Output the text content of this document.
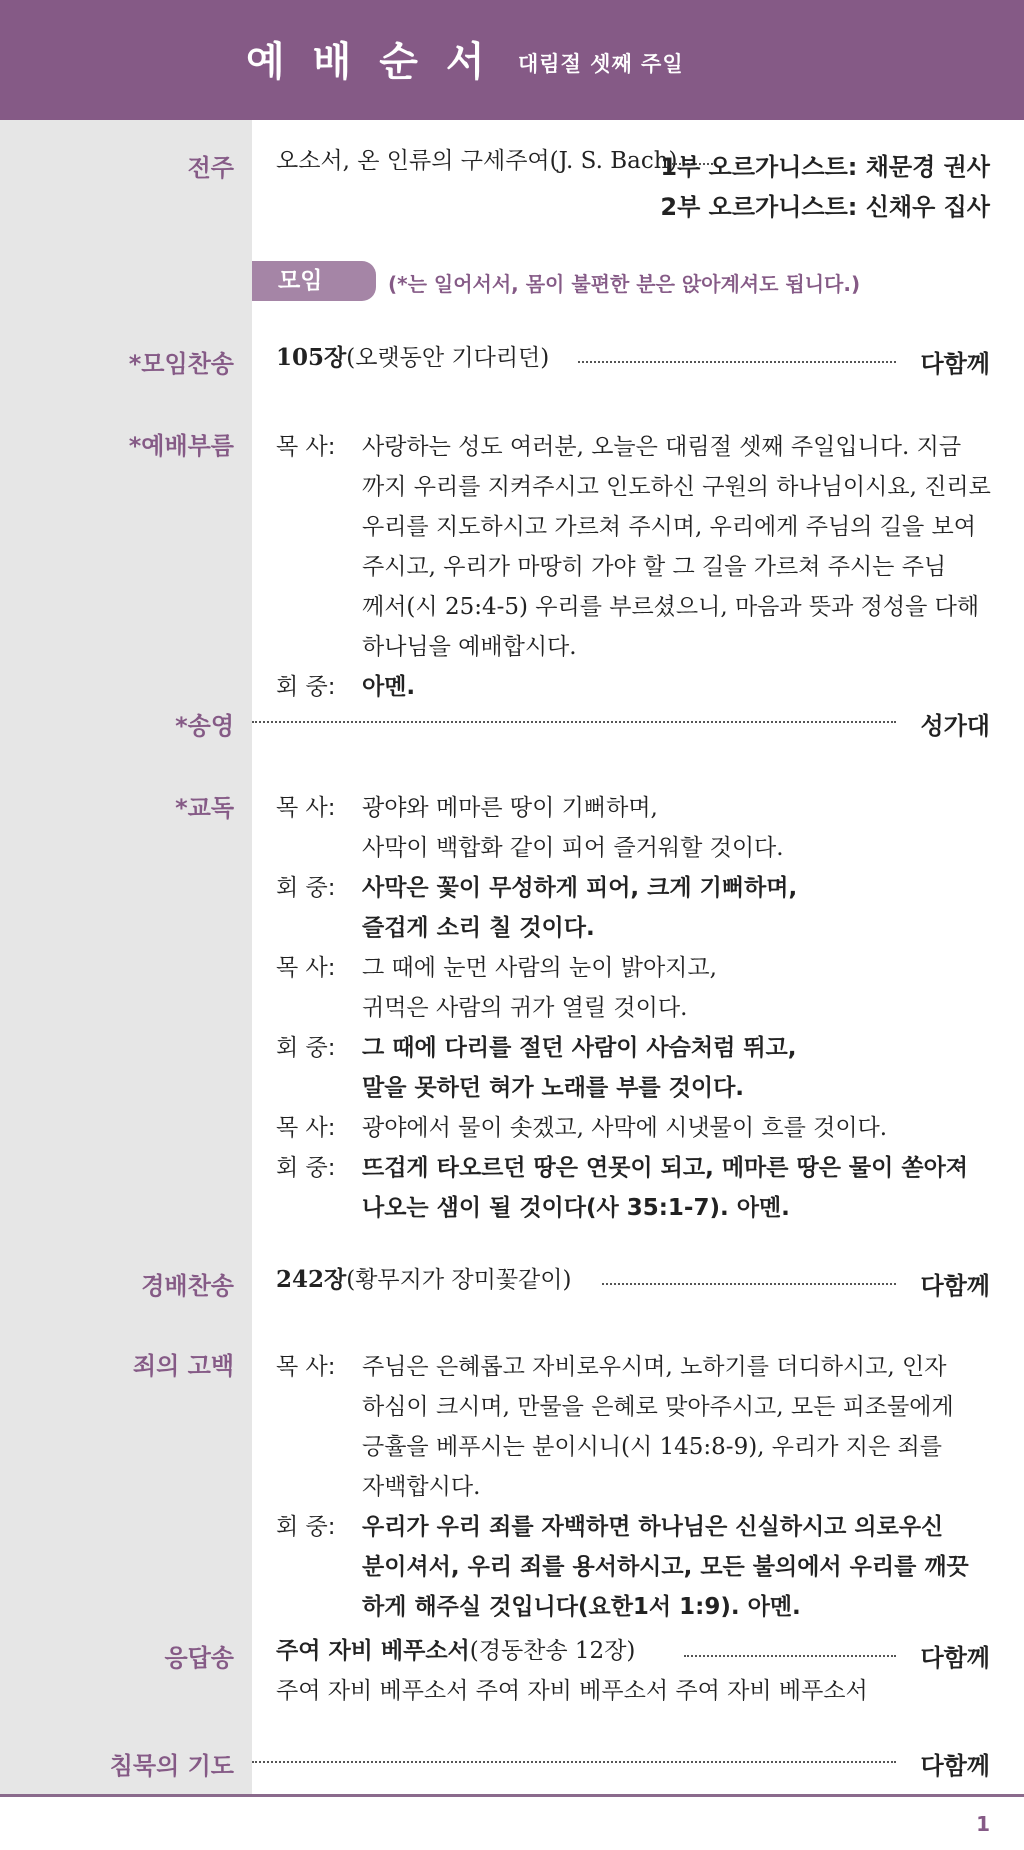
예배순서 대림절 셋째 주일
전주 오소서, 온 인류의 구세주여(J. S. Bach)
1부 오르가니스트: 채문경 권사
2부 오르가니스트: 신채우 집사
모임	(*는 일어서서, 몸이 불편한 분은 앉아계셔도 됩니다.)
*모임찬송 105장(오랫동안 기다리던)	다함께
*예배부름 목 사: 사랑하는 성도 여러분, 오늘은 대림절 셋째 주일입니다. 지금
까지 우리를 지켜주시고 인도하신 구원의 하나님이시요, 진리로
우리를 지도하시고 가르쳐 주시며, 우리에게 주님의 길을 보여
주시고, 우리가 마땅히 가야 할 그 길을 가르쳐 주시는 주님
께서(시 25:4-5) 우리를 부르셨으니, 마음과 뜻과 정성을 다해
하나님을 예배합시다.
회 중: 아멘.
*송영	성가대
*교독 목 사: 광야와 메마른 땅이 기뻐하며,
사막이 백합화 같이 피어 즐거워할 것이다.
회 중: 사막은 꽃이 무성하게 피어, 크게 기뻐하며,
즐겁게 소리 칠 것이다.
목 사: 그 때에 눈먼 사람의 눈이 밝아지고,
귀먹은 사람의 귀가 열릴 것이다.
회 중: 그 때에 다리를 절던 사람이 사슴처럼 뛰고,
말을 못하던 혀가 노래를 부를 것이다.
목 사: 광야에서 물이 솟겠고, 사막에 시냇물이 흐를 것이다.
회 중: 뜨겁게 타오르던 땅은 연못이 되고, 메마른 땅은 물이 쏟아져
나오는 샘이 될 것이다(사 35:1-7). 아멘.
경배찬송 242장(황무지가 장미꽃같이)	다함께
죄의 고백 목 사: 주님은 은혜롭고 자비로우시며, 노하기를 더디하시고, 인자
하심이 크시며, 만물을 은혜로 맞아주시고, 모든 피조물에게
긍휼을 베푸시는 분이시니(시 145:8-9), 우리가 지은 죄를
자백합시다.
회 중: 우리가 우리 죄를 자백하면 하나님은 신실하시고 의로우신
분이셔서, 우리 죄를 용서하시고, 모든 불의에서 우리를 깨끗
하게 해주실 것입니다(요한1서 1:9). 아멘.
응답송 주여 자비 베푸소서(경동찬송 12장)	다함께
주여 자비 베푸소서 주여 자비 베푸소서 주여 자비 베푸소서
침묵의 기도	다함께
1
